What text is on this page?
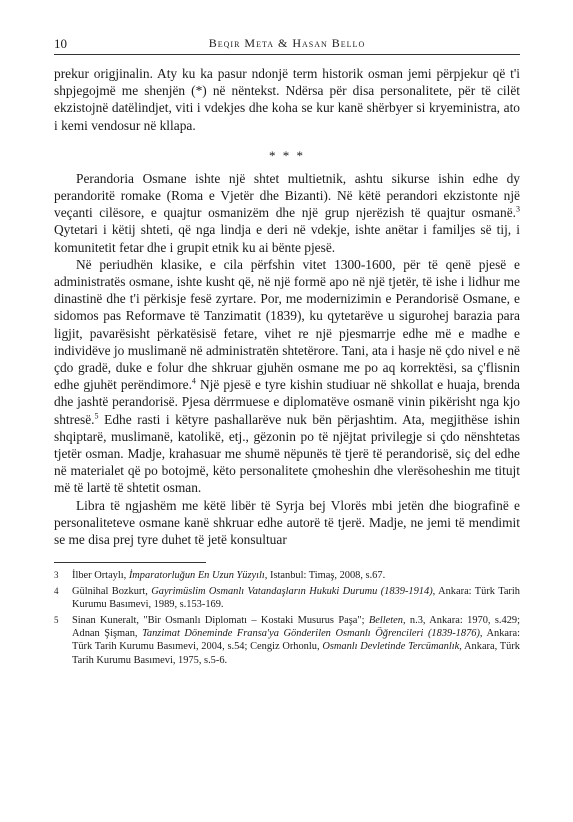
10	Beqir Meta & Hasan Bello

prekur origjinalin. Aty ku ka pasur ndonjë term historik osman jemi përpjekur që t'i shpjegojmë me shenjën (*) në nëntekst. Ndërsa për disa personalitete, për të cilët ekzistojnë datëlindjet, viti i vdekjes dhe koha se kur kanë shërbyer si kryeministra, ato i kemi vendosur në kllapa.

* * *

Perandoria Osmane ishte një shtet multietnik, ashtu sikurse ishin edhe dy perandoritë romake (Roma e Vjetër dhe Bizanti). Në këtë perandori ekzistonte një veçanti cilësore, e quajtur osmanizëm dhe një grup njerëzish të quajtur osmanë.$^3$ Qytetari i këtij shteti, që nga lindja e deri në vdekje, ishte anëtar i familjes së tij, i komunitetit fetar dhe i grupit etnik ku ai bënte pjesë.

Në periudhën klasike, e cila përfshin vitet 1300-1600, për të qenë pjesë e administratës osmane, ishte kusht që, në një formë apo në një tjetër, të ishe i lidhur me dinastinë dhe t'i përkisje fesë zyrtare. Por, me modernizimin e Perandorisë Osmane, e sidomos pas Reformave të Tanzimatit (1839), ku qytetarëve u sigurohej barazia para ligjit, pavarësisht përkatësisë fetare, vihet re një pjesmarrje edhe më e madhe e individëve jo muslimanë në administratën shtetërore. Tani, ata i hasje në çdo nivel e në çdo gradë, duke e folur dhe shkruar gjuhën osmane me po aq korrektësi, sa ç'flisnin edhe gjuhët perëndimore.$^4$ Një pjesë e tyre kishin studiuar në shkollat e huaja, brenda dhe jashtë perandorisë. Pjesa dërrmuese e diplomatëve osmanë vinin pikërisht nga kjo shtresë.$^5$ Edhe rasti i këtyre pashallarëve nuk bën përjashtim. Ata, megjithëse ishin shqiptarë, muslimanë, katolikë, etj., gëzonin po të njëjtat privilegje si çdo nënshtetas tjetër osman. Madje, krahasuar me shumë nëpunës të tjerë të perandorisë, siç del edhe në materialet që po botojmë, këto personalitete çmoheshin dhe vlerësoheshin me titujt më të lartë të shtetit osman.

Libra të ngjashëm me këtë libër të Syrja bej Vlorës mbi jetën dhe biografinë e personaliteteve osmane kanë shkruar edhe autorë të tjerë. Madje, ne jemi të mendimit se me disa prej tyre duhet të jetë konsultuar

3	İlber Ortaylı, İmparatorluğun En Uzun Yüzyılı, Istanbul: Timaş, 2008, s.67.
4	Gülnihal Bozkurt, Gayrimüslim Osmanlı Vatandaşların Hukuki Durumu (1839-1914), Ankara: Türk Tarih Kurumu Basımevi, 1989, s.153-169.
5	Sinan Kuneralt, "Bir Osmanlı Diplomatı – Kostaki Musurus Paşa"; Belleten, n.3, Ankara: 1970, s.429; Adnan Şişman, Tanzimat Döneminde Fransa'ya Gönderilen Osmanlı Öğrencileri (1839-1876), Ankara: Türk Tarih Kurumu Basımevi, 2004, s.54; Cengiz Orhonlu, Osmanlı Devletinde Tercümanlık, Ankara, Türk Tarih Kurumu Basımevi, 1975, s.5-6.
